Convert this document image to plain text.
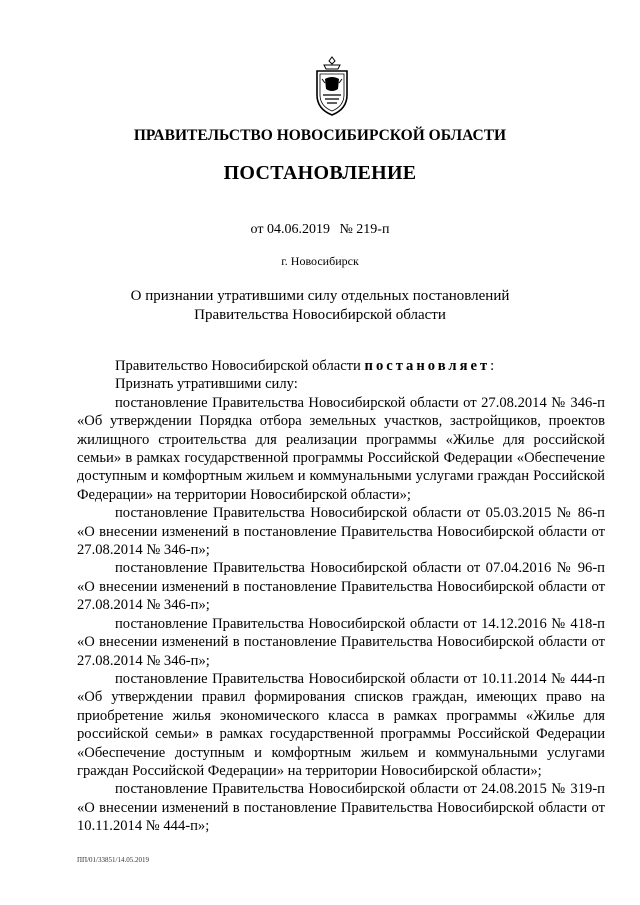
ПРАВИТЕЛЬСТВО НОВОСИБИРСКОЙ ОБЛАСТИ
ПОСТАНОВЛЕНИЕ
от 04.06.2019 № 219-п
г. Новосибирск
О признании утратившими силу отдельных постановлений Правительства Новосибирской области

Правительство Новосибирской области постановляет:

Признать утратившими силу:

постановление Правительства Новосибирской области от 27.08.2014 № 346-п «Об утверждении Порядка отбора земельных участков, застройщиков, проектов жилищного строительства для реализации программы «Жилье для российской семьи» в рамках государственной программы Российской Федерации «Обеспечение доступным и комфортным жильем и коммунальными услугами граждан Российской Федерации» на территории Новосибирской области»;

постановление Правительства Новосибирской области от 05.03.2015 № 86-п «О внесении изменений в постановление Правительства Новосибирской области от 27.08.2014 № 346-п»;

постановление Правительства Новосибирской области от 07.04.2016 № 96-п «О внесении изменений в постановление Правительства Новосибирской области от 27.08.2014 № 346-п»;

постановление Правительства Новосибирской области от 14.12.2016 № 418-п «О внесении изменений в постановление Правительства Новосибирской области от 27.08.2014 № 346-п»;

постановление Правительства Новосибирской области от 10.11.2014 № 444-п «Об утверждении правил формирования списков граждан, имеющих право на приобретение жилья экономического класса в рамках программы «Жилье для российской семьи» в рамках государственной программы Российской Федерации «Обеспечение доступным и комфортным жильем и коммунальными услугами граждан Российской Федерации» на территории Новосибирской области»;

постановление Правительства Новосибирской области от 24.08.2015 № 319-п «О внесении изменений в постановление Правительства Новосибирской области от 10.11.2014 № 444-п»;

ПП/01/33851/14.05.2019
